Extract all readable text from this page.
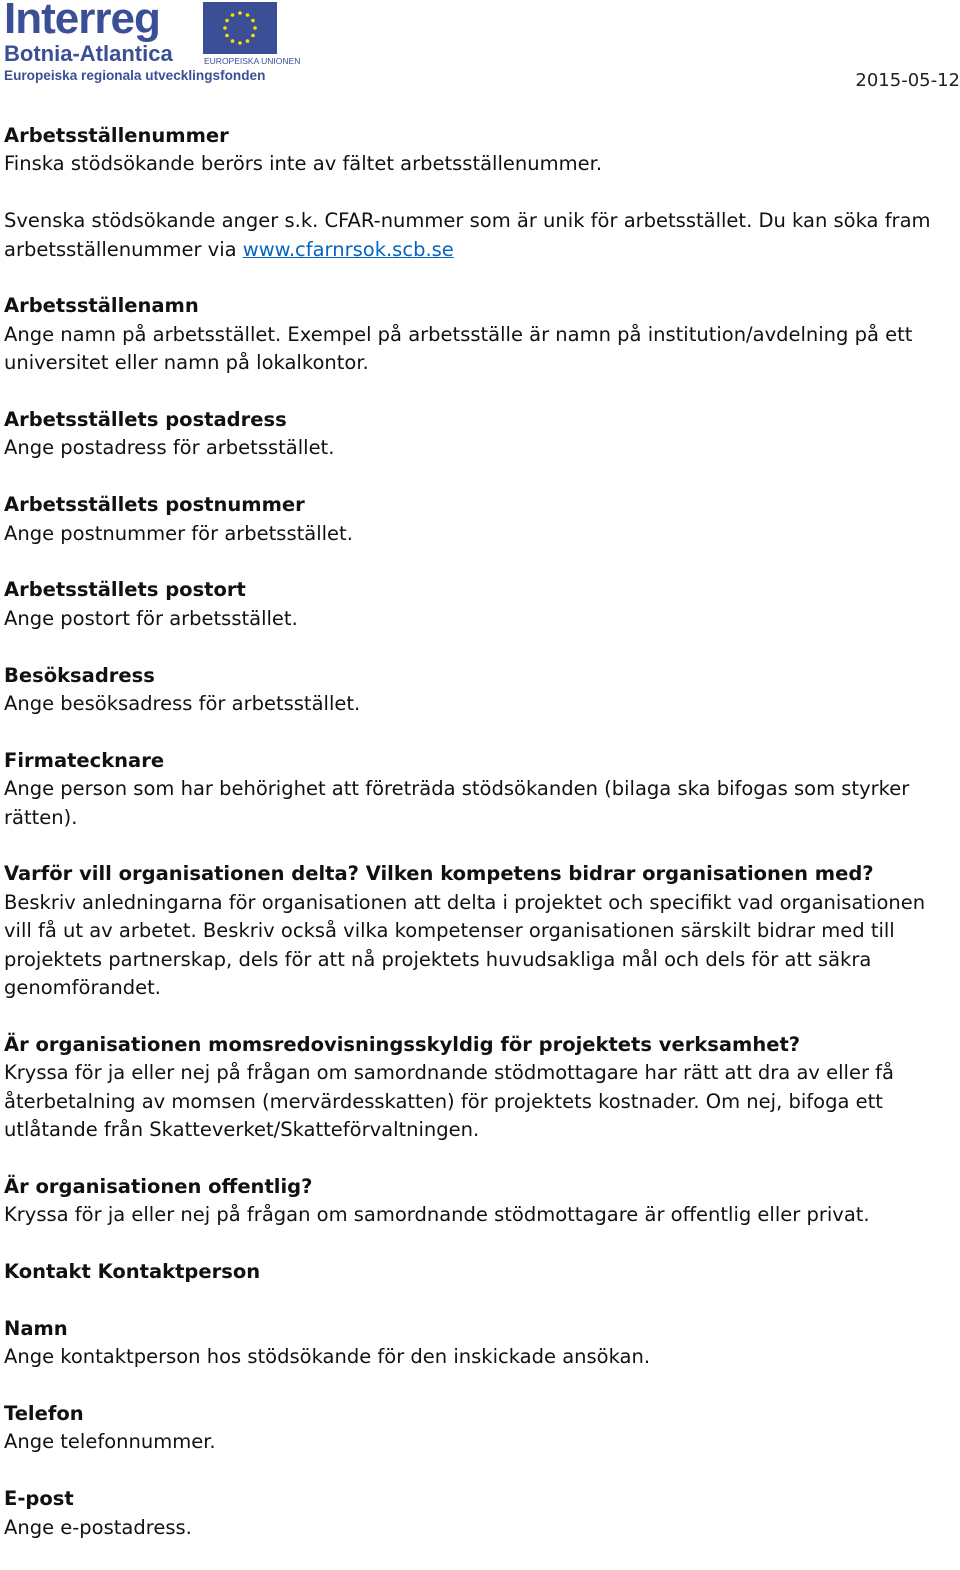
Interreg
Botnia-Atlantica
Europeiska regionala utvecklingsfonden
EUROPEISKA UNIONEN
2015-05-12
Arbetsställenummer

Finska stödsökande berörs inte av fältet arbetsställenummer.

Svenska stödsökande anger s.k. CFAR-nummer som är unik för arbetsstället. Du kan söka fram arbetsställenummer via www.cfarnrsok.scb.se

Arbetsställenamn

Ange namn på arbetsstället. Exempel på arbetsställe är namn på institution/avdelning på ett universitet eller namn på lokalkontor.

Arbetsställets postadress

Ange postadress för arbetsstället.

Arbetsställets postnummer

Ange postnummer för arbetsstället.

Arbetsställets postort

Ange postort för arbetsstället.

Besöksadress

Ange besöksadress för arbetsstället.

Firmatecknare

Ange person som har behörighet att företräda stödsökanden (bilaga ska bifogas som styrker rätten).

Varför vill organisationen delta? Vilken kompetens bidrar organisationen med?

Beskriv anledningarna för organisationen att delta i projektet och specifikt vad organisationen vill få ut av arbetet. Beskriv också vilka kompetenser organisationen särskilt bidrar med till projektets partnerskap, dels för att nå projektets huvudsakliga mål och dels för att säkra genomförandet.

Är organisationen momsredovisningsskyldig för projektets verksamhet?

Kryssa för ja eller nej på frågan om samordnande stödmottagare har rätt att dra av eller få återbetalning av momsen (mervärdesskatten) för projektets kostnader. Om nej, bifoga ett utlåtande från Skatteverket/Skatteförvaltningen.

Är organisationen offentlig?

Kryssa för ja eller nej på frågan om samordnande stödmottagare är offentlig eller privat.

Kontakt Kontaktperson
Namn

Ange kontaktperson hos stödsökande för den inskickade ansökan.

Telefon

Ange telefonnummer.

E-post

Ange e-postadress.
